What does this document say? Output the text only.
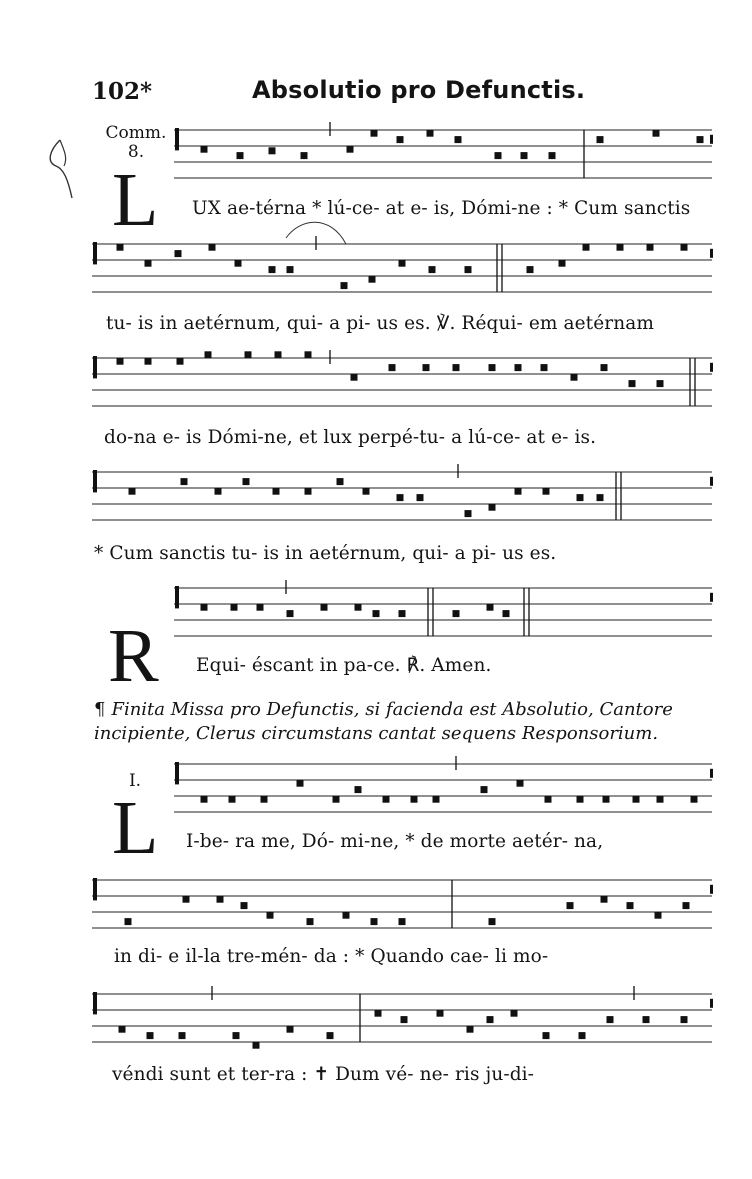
102*	Absolutio pro Defunctis.
Comm.
8.
L
R
I.
L
UX ae-térna * lú-ce- at e- is, Dómi-ne : * Cum sanctis
tu- is in aetérnum, qui- a pi- us es. ℣. Réqui- em aetérnam
do-na e- is Dómi-ne, et lux perpé-tu- a lú-ce- at e- is.
* Cum sanctis tu- is in aetérnum, qui- a pi- us es.
Equi- éscant in pa-ce. ℟. Amen.
I-be- ra me, Dó- mi-ne, * de morte aetér- na,
in di- e il-la tre-mén- da : * Quando cae- li mo-
véndi sunt et ter-ra : ✝ Dum vé- ne- ris ju-di-
¶ Finita Missa pro Defunctis, si facienda est Absolutio, Cantore incipiente, Clerus circumstans cantat sequens Responsorium.
